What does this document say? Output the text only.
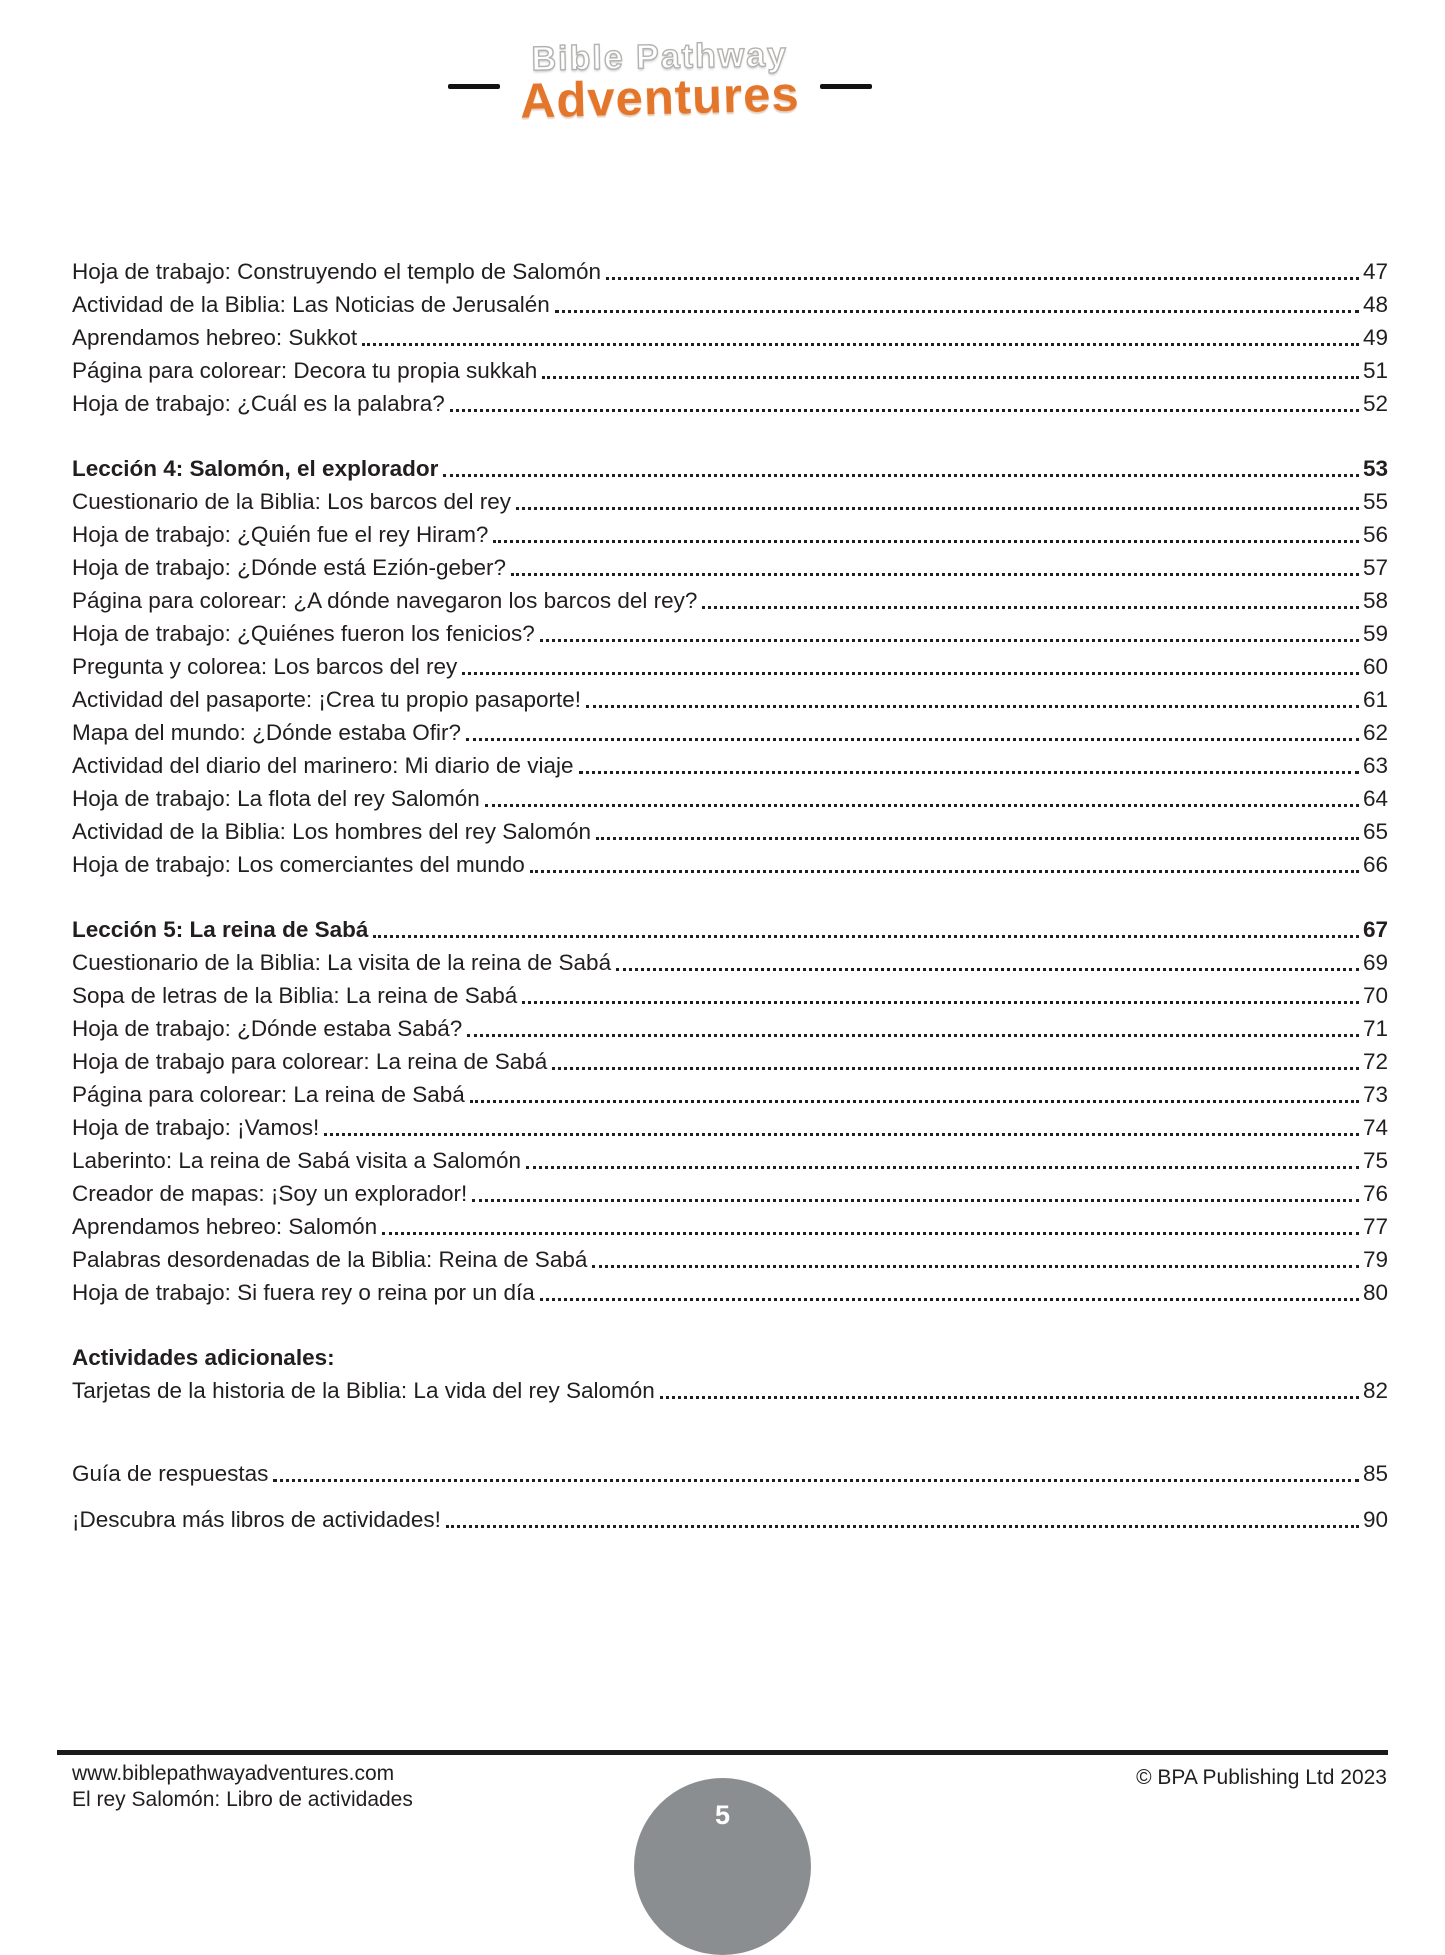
Bible Pathway
Adventures
Hoja de trabajo: Construyendo el templo de Salomón	47
Actividad de la Biblia: Las Noticias de Jerusalén	48
Aprendamos hebreo: Sukkot	49
Página para colorear: Decora tu propia sukkah	51
Hoja de trabajo: ¿Cuál es la palabra?	52
Lección 4: Salomón, el explorador	53
Cuestionario de la Biblia: Los barcos del rey	55
Hoja de trabajo: ¿Quién fue el rey Hiram?	56
Hoja de trabajo: ¿Dónde está Ezión-geber?	57
Página para colorear: ¿A dónde navegaron los barcos del rey?	58
Hoja de trabajo: ¿Quiénes fueron los fenicios?	59
Pregunta y colorea: Los barcos del rey	60
Actividad del pasaporte: ¡Crea tu propio pasaporte!	61
Mapa del mundo: ¿Dónde estaba Ofir?	62
Actividad del diario del marinero: Mi diario de viaje	63
Hoja de trabajo: La flota del rey Salomón	64
Actividad de la Biblia: Los hombres del rey Salomón	65
Hoja de trabajo: Los comerciantes del mundo	66
Lección 5: La reina de Sabá	67
Cuestionario de la Biblia: La visita de la reina de Sabá	69
Sopa de letras de la Biblia: La reina de Sabá	70
Hoja de trabajo: ¿Dónde estaba Sabá?	71
Hoja de trabajo para colorear: La reina de Sabá	72
Página para colorear: La reina de Sabá	73
Hoja de trabajo: ¡Vamos!	74
Laberinto: La reina de Sabá visita a Salomón	75
Creador de mapas: ¡Soy un explorador!	76
Aprendamos hebreo: Salomón	77
Palabras desordenadas de la Biblia: Reina de Sabá	79
Hoja de trabajo: Si fuera rey o reina por un día	80
Actividades adicionales:
Tarjetas de la historia de la Biblia: La vida del rey Salomón	82
Guía de respuestas	85
¡Descubra más libros de actividades!	90
www.biblepathwayadventures.com
El rey Salomón: Libro de actividades
© BPA Publishing Ltd 2023
5
